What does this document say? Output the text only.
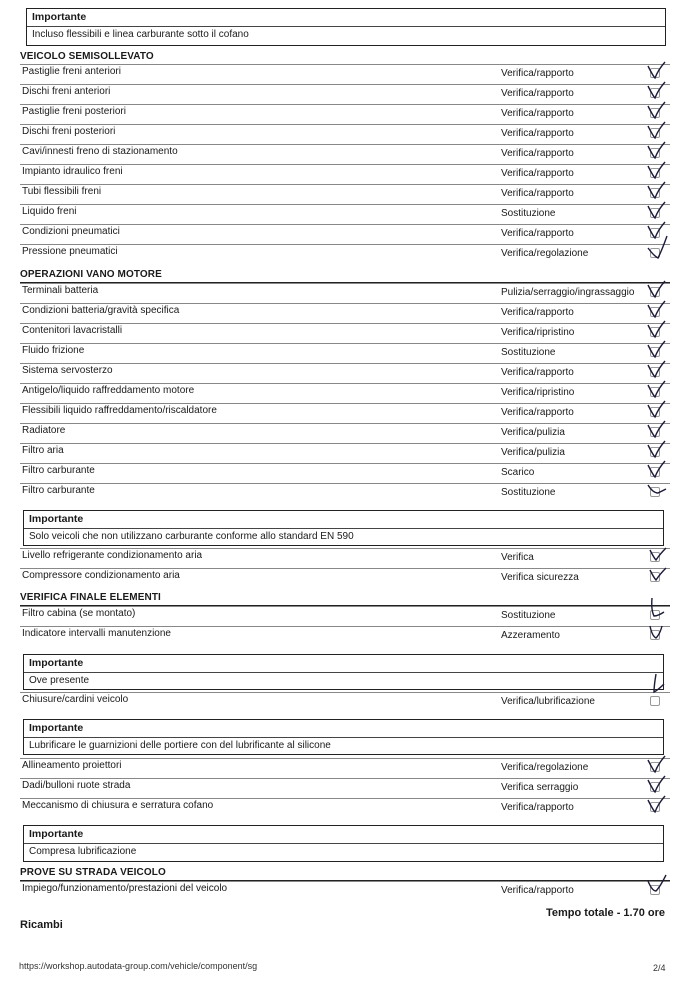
Importante
Incluso flessibili e linea carburante sotto il cofano
VEICOLO SEMISOLLEVATO
Pastiglie freni anteriori	Verifica/rapporto
Dischi freni anteriori	Verifica/rapporto
Pastiglie freni posteriori	Verifica/rapporto
Dischi freni posteriori	Verifica/rapporto
Cavi/innesti freno di stazionamento	Verifica/rapporto
Impianto idraulico freni	Verifica/rapporto
Tubi flessibili freni	Verifica/rapporto
Liquido freni	Sostituzione
Condizioni pneumatici	Verifica/rapporto
Pressione pneumatici	Verifica/regolazione
OPERAZIONI VANO MOTORE
Terminali batteria	Pulizia/serraggio/ingrassaggio
Condizioni batteria/gravità specifica	Verifica/rapporto
Contenitori lavacristalli	Verifica/ripristino
Fluido frizione	Sostituzione
Sistema servosterzo	Verifica/rapporto
Antigelo/liquido raffreddamento motore	Verifica/ripristino
Flessibili liquido raffreddamento/riscaldatore	Verifica/rapporto
Radiatore	Verifica/pulizia
Filtro aria	Verifica/pulizia
Filtro carburante	Scarico
Filtro carburante	Sostituzione
Importante
Solo veicoli che non utilizzano carburante conforme allo standard EN 590
Livello refrigerante condizionamento aria	Verifica
Compressore condizionamento aria	Verifica sicurezza
VERIFICA FINALE ELEMENTI
Filtro cabina (se montato)	Sostituzione
Indicatore intervalli manutenzione	Azzeramento
Importante
Ove presente
Chiusure/cardini veicolo	Verifica/lubrificazione
Importante
Lubrificare le guarnizioni delle portiere con del lubrificante al silicone
Allineamento proiettori	Verifica/regolazione
Dadi/bulloni ruote strada	Verifica serraggio
Meccanismo di chiusura e serratura cofano	Verifica/rapporto
Importante
Compresa lubrificazione
PROVE SU STRADA VEICOLO
Impiego/funzionamento/prestazioni del veicolo	Verifica/rapporto
Tempo totale - 1.70 ore
Ricambi
https://workshop.autodata-group.com/vehicle/component/sg	2/4
